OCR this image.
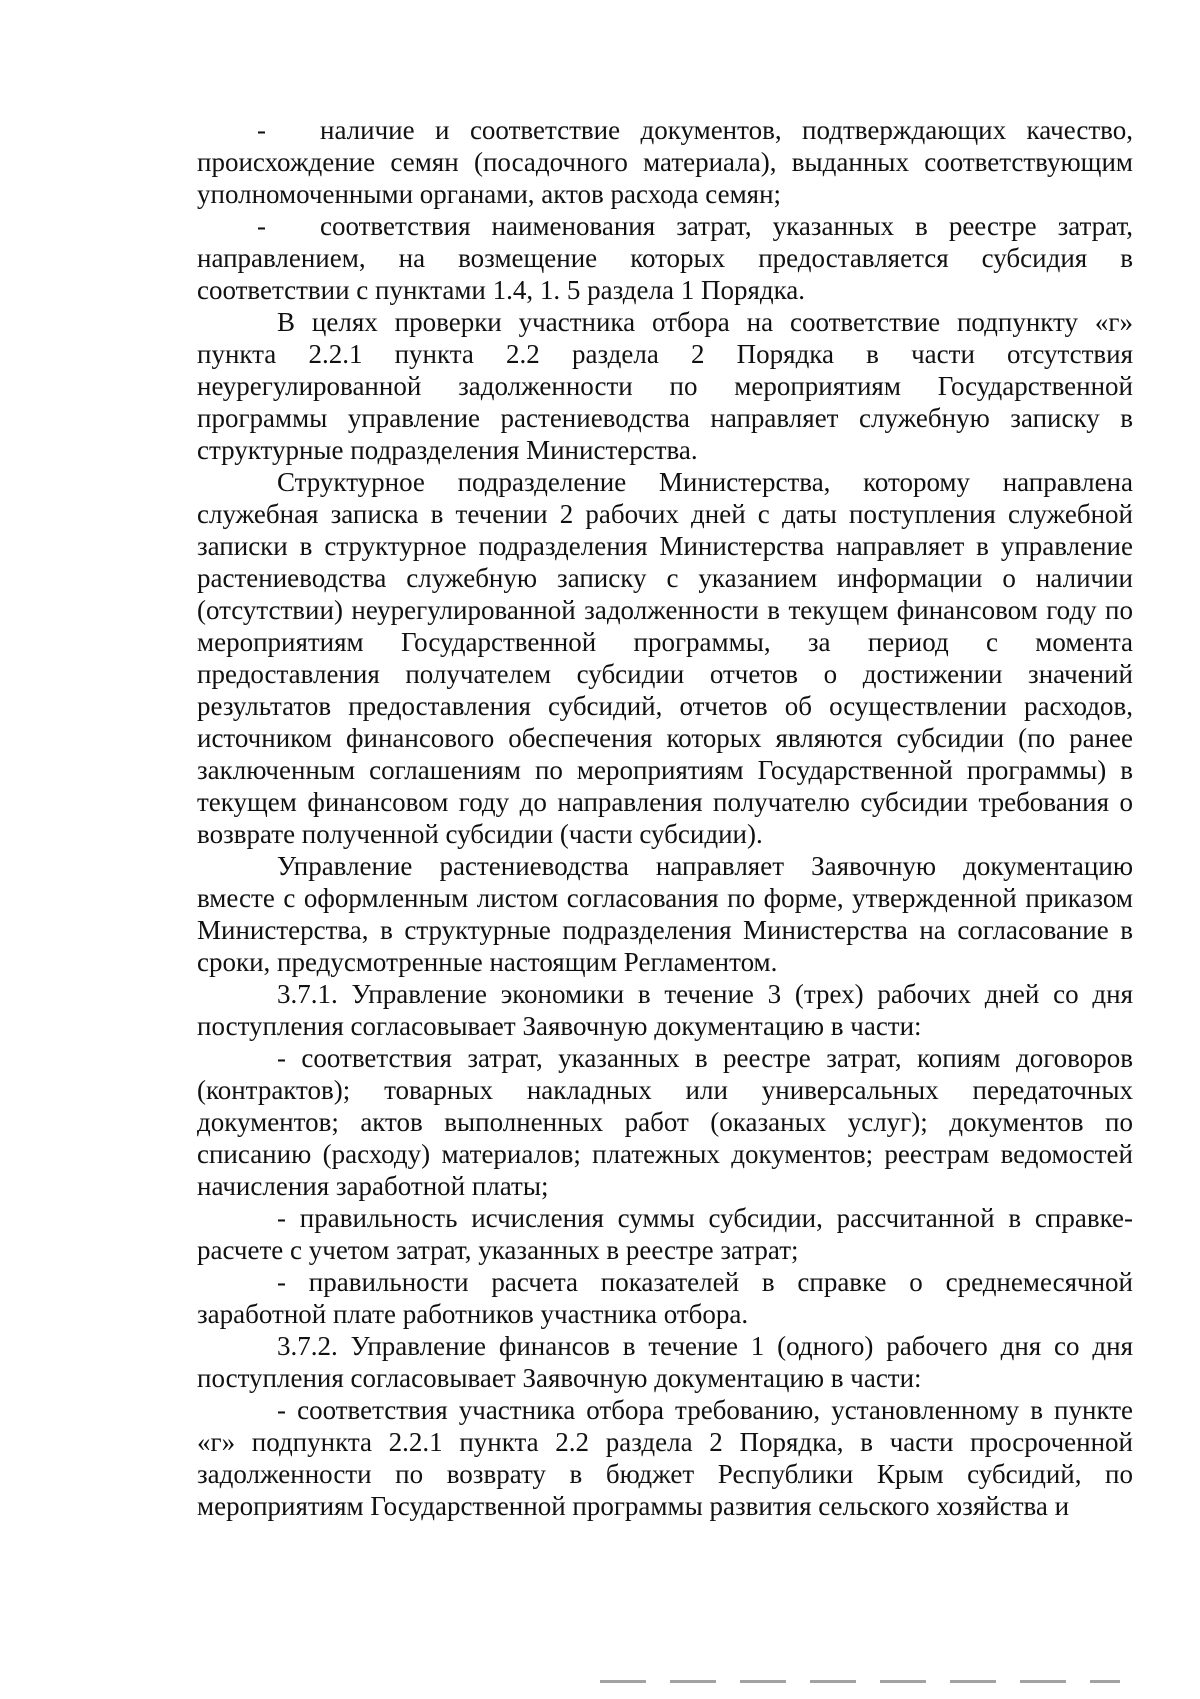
-  наличие и соответствие документов, подтверждающих качество, происхождение семян (посадочного материала), выданных соответствующим уполномоченными органами, актов расхода семян;

-  соответствия наименования затрат, указанных в реестре затрат, направлением, на возмещение которых предоставляется субсидия в соответствии с пунктами 1.4, 1. 5 раздела 1 Порядка.

В целях проверки участника отбора на соответствие подпункту «г» пункта 2.2.1 пункта 2.2 раздела 2 Порядка в части отсутствия неурегулированной задолженности по мероприятиям Государственной программы управление растениеводства направляет служебную записку в структурные подразделения Министерства.

Структурное подразделение Министерства, которому направлена служебная записка в течении 2 рабочих дней с даты поступления служебной записки в структурное подразделения Министерства направляет в управление растениеводства служебную записку с указанием информации о наличии (отсутствии) неурегулированной задолженности в текущем финансовом году по мероприятиям Государственной программы, за период с момента предоставления получателем субсидии отчетов о достижении значений результатов предоставления субсидий, отчетов об осуществлении расходов, источником финансового обеспечения которых являются субсидии (по ранее заключенным соглашениям по мероприятиям Государственной программы) в текущем финансовом году до направления получателю субсидии требования о возврате полученной субсидии (части субсидии).

Управление растениеводства направляет Заявочную документацию вместе с оформленным листом согласования по форме, утвержденной приказом Министерства, в структурные подразделения Министерства на согласование в сроки, предусмотренные настоящим Регламентом.

3.7.1. Управление экономики в течение 3 (трех) рабочих дней со дня поступления согласовывает Заявочную документацию в части:

- соответствия затрат, указанных в реестре затрат, копиям договоров (контрактов); товарных накладных или универсальных передаточных документов; актов выполненных работ (оказаных услуг); документов по списанию (расходу) материалов; платежных документов; реестрам ведомостей начисления заработной платы;

- правильность исчисления суммы субсидии, рассчитанной в справке-расчете с учетом затрат, указанных в реестре затрат;

- правильности расчета показателей в справке о среднемесячной заработной плате работников участника отбора.

3.7.2. Управление финансов в течение 1 (одного) рабочего дня со дня поступления согласовывает Заявочную документацию в части:

- соответствия участника отбора требованию, установленному в пункте «г» подпункта 2.2.1 пункта 2.2 раздела 2 Порядка, в части просроченной задолженности по возврату в бюджет Республики Крым субсидий, по мероприятиям Государственной программы развития сельского хозяйства и
